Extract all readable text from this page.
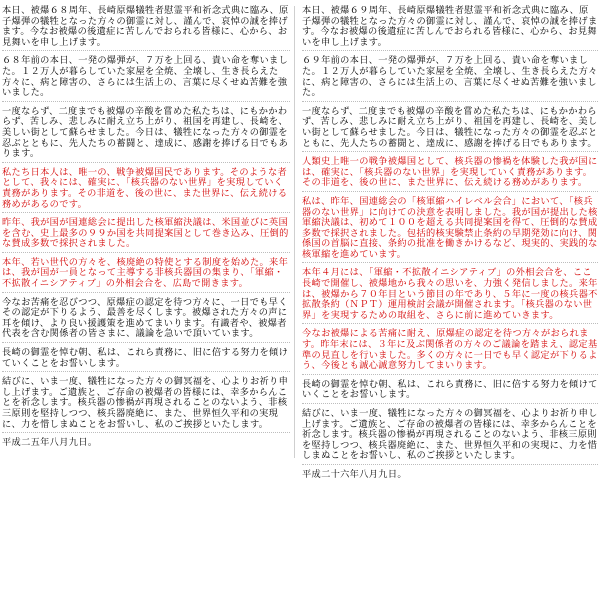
本日、被爆６８周年、長崎原爆犠牲者慰霊平和祈念式典に臨み、原子爆弾の犠牲となった方々の御霊に対し、謹んで、哀悼の誠を捧げます。今なお被爆の後遺症に苦しんでおられる皆様に、心から、お見舞いを申し上げます。

６８年前の本日、一発の爆弾が、７万を上回る、貴い命を奪いました。１２万人が暮らしていた家屋を全焼、全壊し、生き長らえた方々に、病と障害の、さらには生活上の、言葉に尽くせぬ苦難を強いました。

一度ならず、二度までも被爆の辛酸を嘗めた私たちは、にもかかわらず、苦しみ、悲しみに耐え立ち上がり、祖国を再建し、長崎を、美しい街として蘇らせました。今日は、犠牲になった方々の御霊を忍ぶとともに、先人たちの蓄闘と、達成に、感謝を捧げる日でもあります。

私たち日本人は、唯一の、戦争被爆国民であります。そのような者として、我々には、確実に、「核兵器のない世界」を実現していく責務があります。その非道を、後の世に、また世界に、伝え続ける務めがあるのです。

昨年、我が国が国連総会に提出した核軍縮決議は、米国並びに英国を含む、史上最多の９９か国を共同提案国として巻き込み、圧倒的な賛成多数で採択されました。

本年、若い世代の方々を、核廃絶の特使とする制度を始めた。来年は、我が国が一員となって主導する非核兵器国の集まり、「軍縮・不拡散イニシアティブ」の外相会合を、広島で開きます。

今なお苦痛を忍びつつ、原爆症の認定を待つ方々に、一日でも早くその認定が下りるよう、最善を尽くします。被爆された方々の声に耳を傾け、より良い援護策を進めてまいります。有識者や、被爆者代表を含む関係者の皆さまに、議論を急いで頂いています。

長崎の御霊を悼む朝、私は、これら責務に、旧に倍する努力を傾けていくことをお誓いします。

結びに、いま一度、犠牲になった方々の御冥福を、心よりお祈り申し上げます。ご遺族と、ご存命の被爆者の皆様には、幸多からんことを祈念します。核兵器の惨禍が再現されることのないよう、非核三原則を堅持しつつ、核兵器廃絶に、また、世界恒久平和の実現に、力を惜しまぬことをお誓いし、私のご挨拶といたします。

平成二五年八月九日。

本日、被爆６９周年、長崎原爆犠牲者慰霊平和祈念式典に臨み、原子爆弾の犠牲となった方々の御霊に対し、謹んで、哀悼の誠を捧げます。今なお被爆の後遺症に苦しんでおられる皆様に、心から、お見舞いを申し上げます。

６９年前の本日、一発の爆弾が、７万を上回る、貴い命を奪いました。１２万人が暮らしていた家屋を全焼、全壊し、生き長らえた方々に、病と障害の、さらには生活上の、言葉に尽くせぬ苦難を強いました。

一度ならず、二度までも被爆の辛酸を嘗めた私たちは、にもかかわらず、苦しみ、悲しみに耐え立ち上がり、祖国を再建し、長崎を、美しい街として蘇らせました。今日は、犠牲になった方々の御霊を忍ぶとともに、先人たちの蓄闘と、達成に、感謝を捧げる日でもあります。

人類史上唯一の戦争被爆国として、核兵器の惨禍を体験した我が国には、確実に、「核兵器のない世界」を実現していく責務があります。その非道を、後の世に、また世界に、伝え続ける務めがあります。

私は、昨年、国連総会の「核軍縮ハイレベル会合」において、「核兵器のない世界」に向けての決意を表明しました。我が国が提出した核軍縮決議は、初めて１００を超える共同提案国を得て、圧倒的な賛成多数で採択されました。包括的核実験禁止条約の早期発効に向け、関係国の首脳に直接、条約の批准を働きかけるなど、現実的、実践的な核軍縮を進めています。

本年４月には、「軍縮・不拡散イニシアティブ」の外相会合を、ここ長崎で開催し、被爆地から我々の思いを、力強く発信しました。来年は、被爆から７０年目という節目の年であり、５年に一度の核兵器不拡散条約（ＮＰＴ）運用検討会議が開催されます。「核兵器のない世界」を実現するための取組を、さらに前に進めていきます。

今なお被爆による苦痛に耐え、原爆症の認定を待つ方々がおられます。昨年末には、３年に及ぶ関係者の方々のご議論を踏まえ、認定基準の見直しを行いました。多くの方々に一日でも早く認定が下りるよう、今後とも誠心誠意努力してまいります。

長崎の御霊を悼む朝、私は、これら責務に、旧に倍する努力を傾けていくことをお誓いします。

結びに、いま一度、犠牲になった方々の御冥福を、心よりお祈り申し上げます。ご遺族と、ご存命の被爆者の皆様には、幸多からんことを祈念します。核兵器の惨禍が再現されることのないよう、非核三原則を堅持しつつ、核兵器廃絶に、また、世界恒久平和の実現に、力を惜しまぬことをお誓いし、私のご挨拶といたします。

平成二十六年八月九日。
